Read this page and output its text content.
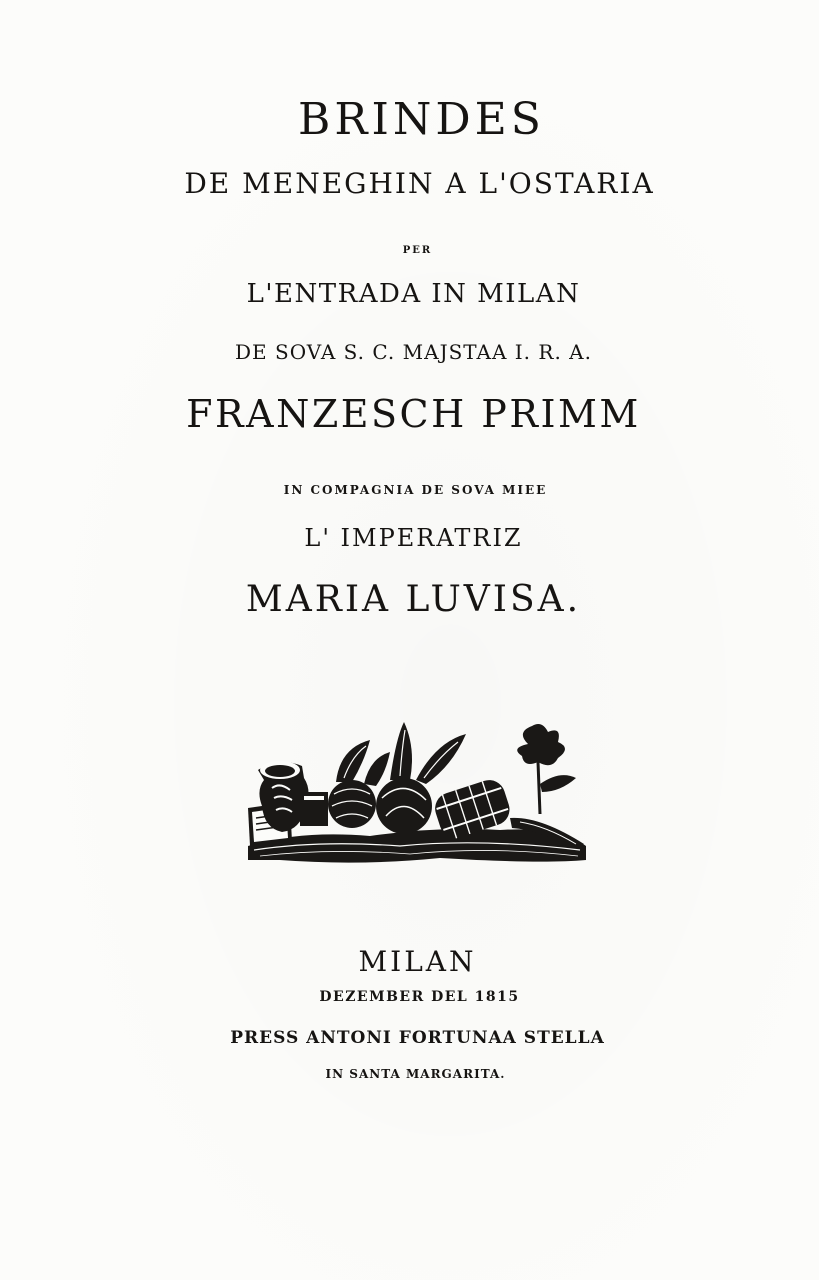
BRINDES
DE MENEGHIN A L'OSTARIA
PER
L'ENTRADA IN MILAN
DE SOVA S. C. MAJSTAA I. R. A.
FRANZESCH PRIMM
IN COMPAGNIA DE SOVA MIEE
L' IMPERATRIZ
MARIA LUVISA.
MILAN
DEZEMBER DEL 1815
PRESS ANTONI FORTUNAA STELLA
IN SANTA MARGARITA.
